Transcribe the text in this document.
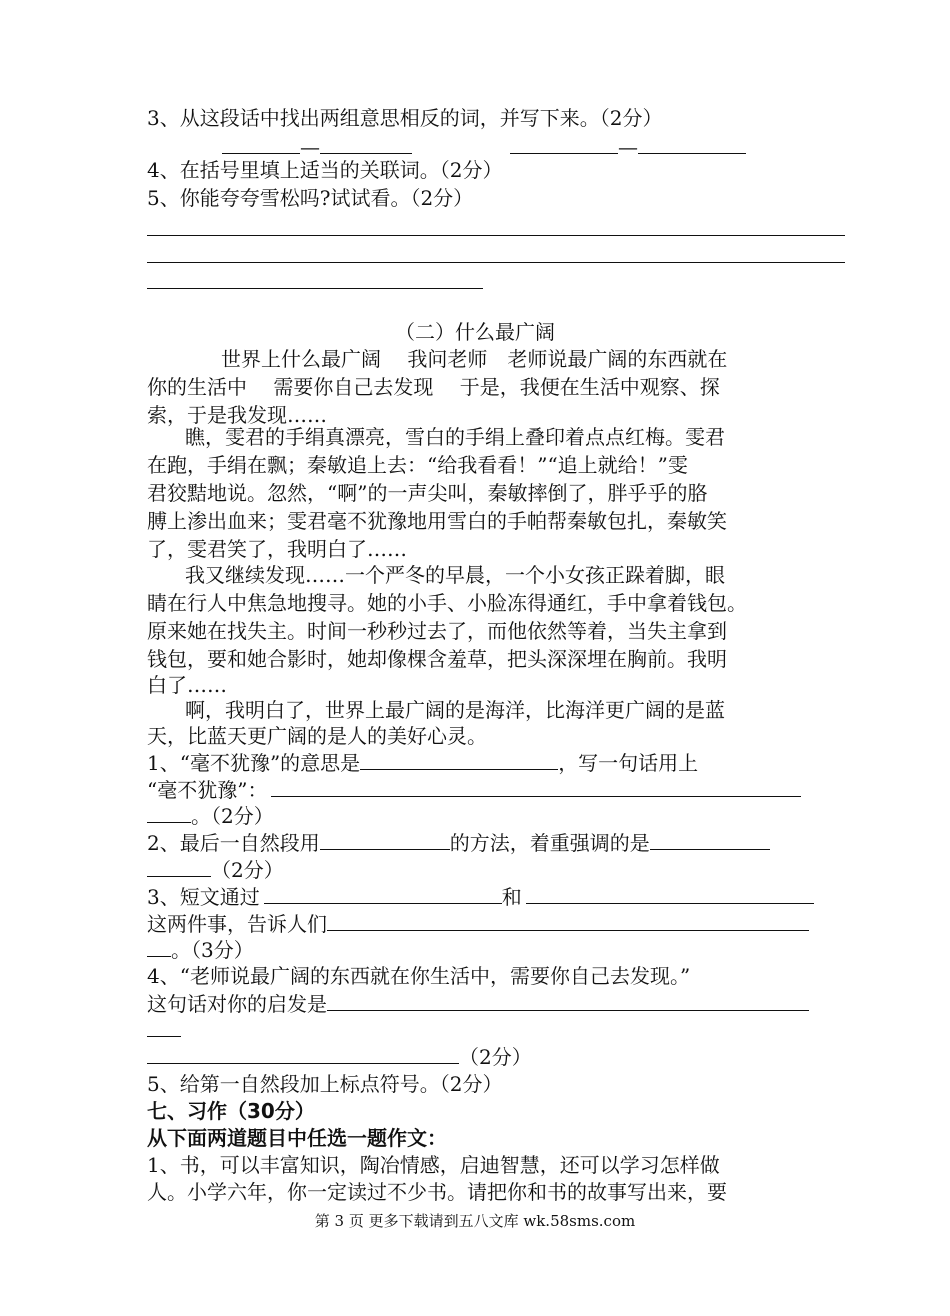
3、从这段话中找出两组意思相反的词，并写下来。（2分）
—	—
4、在括号里填上适当的关联词。（2分）
5、你能夸夸雪松吗?试试看。（2分）
（二）什么最广阔
世界上什么最广阔　 我问老师　老师说最广阔的东西就在
你的生活中　 需要你自己去发现　 于是，我便在生活中观察、探
索，于是我发现……
瞧，雯君的手绢真漂亮，雪白的手绢上叠印着点点红梅。雯君
在跑，手绢在飘；秦敏追上去：“给我看看！”“追上就给！”雯
君狡黠地说。忽然，“啊”的一声尖叫，秦敏摔倒了，胖乎乎的胳
膊上渗出血来；雯君毫不犹豫地用雪白的手帕帮秦敏包扎，秦敏笑
了，雯君笑了，我明白了……
我又继续发现……一个严冬的早晨，一个小女孩正跺着脚，眼
睛在行人中焦急地搜寻。她的小手、小脸冻得通红，手中拿着钱包。
原来她在找失主。时间一秒秒过去了，而他依然等着，当失主拿到
钱包，要和她合影时，她却像棵含羞草，把头深深埋在胸前。我明
白了……
啊，我明白了，世界上最广阔的是海洋，比海洋更广阔的是蓝
天，比蓝天更广阔的是人的美好心灵。
1、“毫不犹豫”的意思是	，写一句话用上
“毫不犹豫”：
。（2分）
2、最后一自然段用	的方法，着重强调的是
（2分）
3、短文通过	和
这两件事，告诉人们
。（3分）
4、“老师说最广阔的东西就在你生活中，需要你自己去发现。”
这句话对你的启发是
（2分）
5、给第一自然段加上标点符号。（2分）
七、习作（30分）
从下面两道题目中任选一题作文：
1、书，可以丰富知识，陶冶情感，启迪智慧，还可以学习怎样做
人。小学六年，你一定读过不少书。请把你和书的故事写出来，要
第 3 页 更多下载请到五八文库 wk.58sms.com
